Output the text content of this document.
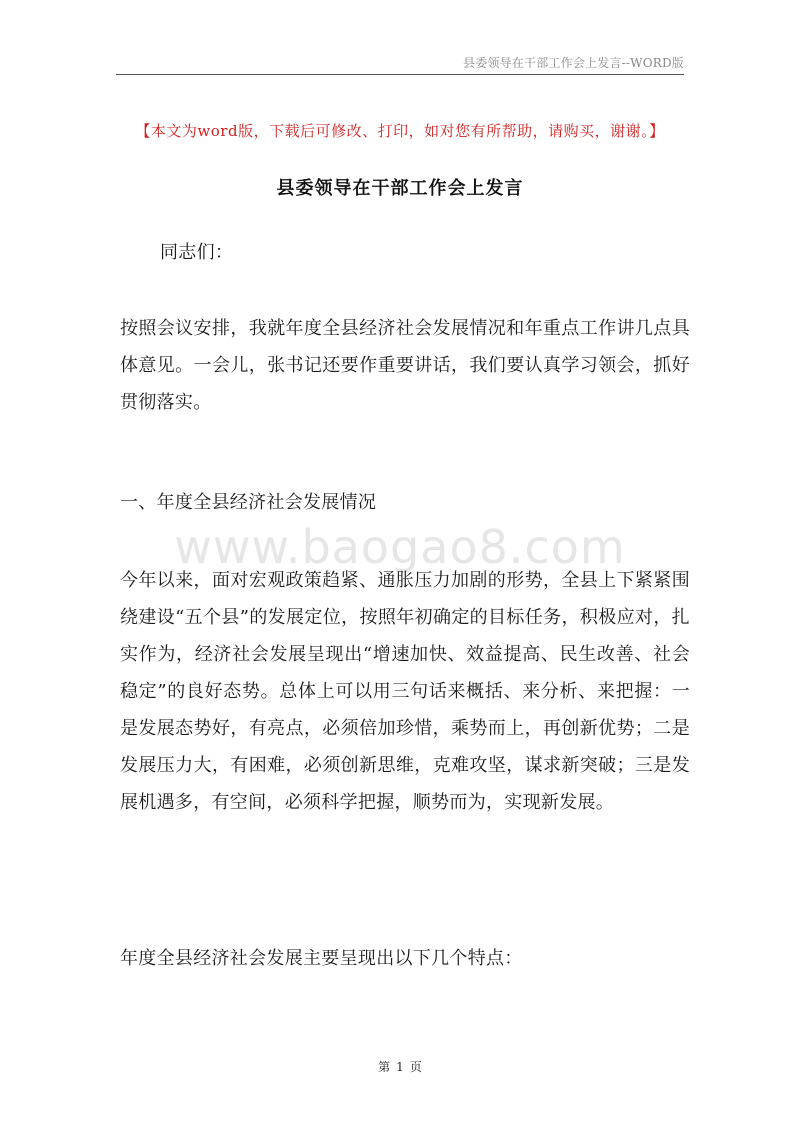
县委领导在干部工作会上发言--WORD版
【本文为word版，下载后可修改、打印，如对您有所帮助，请购买，谢谢。】
县委领导在干部工作会上发言
同志们：
按照会议安排，我就年度全县经济社会发展情况和年重点工作讲几点具体意见。一会儿，张书记还要作重要讲话，我们要认真学习领会，抓好贯彻落实。
一、年度全县经济社会发展情况
www.baogao8.com
今年以来，面对宏观政策趋紧、通胀压力加剧的形势，全县上下紧紧围绕建设“五个县”的发展定位，按照年初确定的目标任务，积极应对，扎实作为，经济社会发展呈现出“增速加快、效益提高、民生改善、社会稳定”的良好态势。总体上可以用三句话来概括、来分析、来把握：一是发展态势好，有亮点，必须倍加珍惜，乘势而上，再创新优势；二是发展压力大，有困难，必须创新思维，克难攻坚，谋求新突破；三是发展机遇多，有空间，必须科学把握，顺势而为，实现新发展。
年度全县经济社会发展主要呈现出以下几个特点：
第 1 页
